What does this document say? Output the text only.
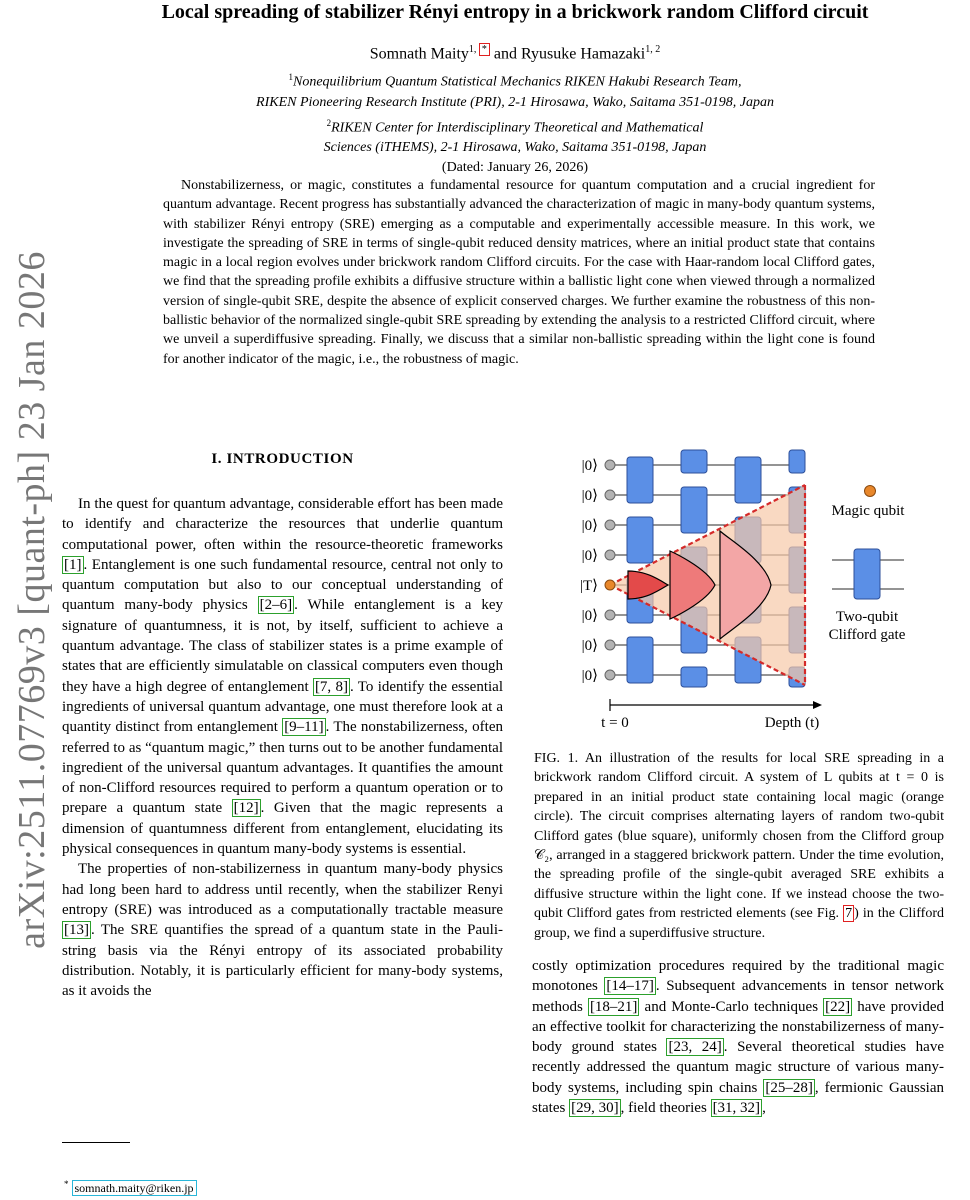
arXiv:2511.07769v3 [quant-ph] 23 Jan 2026
Local spreading of stabilizer Rényi entropy in a brickwork random Clifford circuit
Somnath Maity$^{1,}$ * and Ryusuke Hamazaki$^{1, 2}$
$^1$Nonequilibrium Quantum Statistical Mechanics RIKEN Hakubi Research Team,
RIKEN Pioneering Research Institute (PRI), 2-1 Hirosawa, Wako, Saitama 351-0198, Japan
$^2$RIKEN Center for Interdisciplinary Theoretical and Mathematical
Sciences (iTHEMS), 2-1 Hirosawa, Wako, Saitama 351-0198, Japan
(Dated: January 26, 2026)
Nonstabilizerness, or magic, constitutes a fundamental resource for quantum computation and a crucial ingredient for quantum advantage. Recent progress has substantially advanced the characterization of magic in many-body quantum systems, with stabilizer Rényi entropy (SRE) emerging as a computable and experimentally accessible measure. In this work, we investigate the spreading of SRE in terms of single-qubit reduced density matrices, where an initial product state that contains magic in a local region evolves under brickwork random Clifford circuits. For the case with Haar-random local Clifford gates, we find that the spreading profile exhibits a diffusive structure within a ballistic light cone when viewed through a normalized version of single-qubit SRE, despite the absence of explicit conserved charges. We further examine the robustness of this non-ballistic behavior of the normalized single-qubit SRE spreading by extending the analysis to a restricted Clifford circuit, where we unveil a superdiffusive spreading. Finally, we discuss that a similar non-ballistic spreading within the light cone is found for another indicator of the magic, i.e., the robustness of magic.
I. INTRODUCTION

In the quest for quantum advantage, considerable effort has been made to identify and characterize the resources that underlie quantum computational power, often within the resource-theoretic frameworks [1] . Entanglement is one such fundamental resource, central not only to quantum computation but also to our conceptual understanding of quantum many-body physics [2–6] . While entanglement is a key signature of quantumness, it is not, by itself, sufficient to achieve a quantum advantage. The class of stabilizer states is a prime example of states that are efficiently simulatable on classical computers even though they have a high degree of entanglement [7, 8] . To identify the essential ingredients of universal quantum advantage, one must therefore look at a quantity distinct from entanglement [9–11] . The nonstabilizerness, often referred to as “quantum magic,” then turns out to be another fundamental ingredient of the universal quantum advantages. It quantifies the amount of non-Clifford resources required to perform a quantum operation or to prepare a quantum state [12] . Given that the magic represents a dimension of quantumness different from entanglement, elucidating its physical consequences in quantum many-body systems is essential.

The properties of non-stabilizerness in quantum many-body physics had long been hard to address until recently, when the stabilizer Renyi entropy (SRE) was introduced as a computationally tractable measure [13] . The SRE quantifies the spread of a quantum state in the Pauli-string basis via the Rényi entropy of its associated probability distribution. Notably, it is particularly efficient for many-body systems, as it avoids the

costly optimization procedures required by the traditional magic monotones [14–17] . Subsequent advancements in tensor network methods [18–21] and Monte-Carlo techniques [22] have provided an effective toolkit for characterizing the nonstabilizerness of many-body ground states [23, 24] . Several theoretical studies have recently addressed the quantum magic structure of various many-body systems, including spin chains [25–28] , fermionic Gaussian states [29, 30] , field theories [31, 32] ,

|0⟩
|0⟩
|0⟩
|0⟩
|T⟩
|0⟩
|0⟩
|0⟩
Magic qubit
Two-qubit
Clifford gate
t = 0	Depth (t)
FIG. 1. An illustration of the results for local SRE spreading in a brickwork random Clifford circuit. A system of L qubits at t = 0 is prepared in an initial product state containing local magic (orange circle). The circuit comprises alternating layers of random two-qubit Clifford gates (blue square), uniformly chosen from the Clifford group 𝒞₂, arranged in a staggered brickwork pattern. Under the time evolution, the spreading profile of the single-qubit averaged SRE exhibits a diffusive structure within the light cone. If we instead choose the two-qubit Clifford gates from restricted elements (see Fig. 7 ) in the Clifford group, we find a superdiffusive structure.
* somnath.maity@riken.jp
